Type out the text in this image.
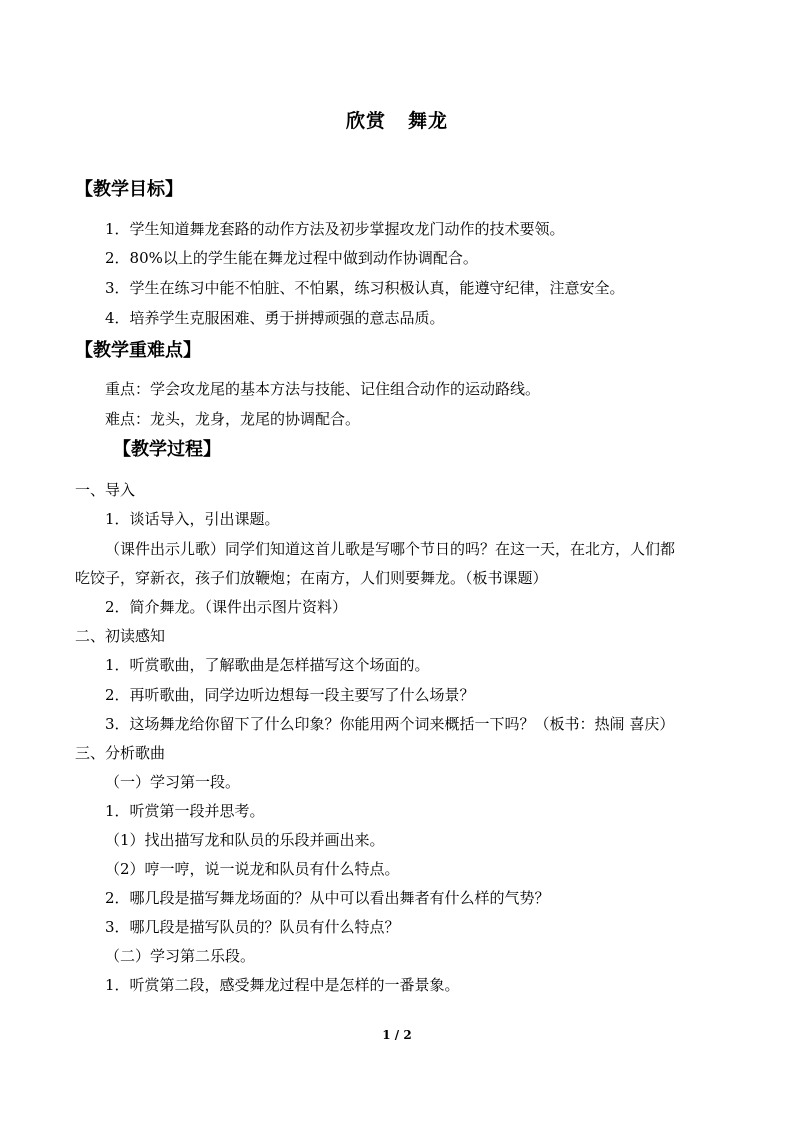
欣赏 舞龙
【教学目标】
1．学生知道舞龙套路的动作方法及初步掌握攻龙门动作的技术要领。
2．80%以上的学生能在舞龙过程中做到动作协调配合。
3．学生在练习中能不怕脏、不怕累，练习积极认真，能遵守纪律，注意安全。
4．培养学生克服困难、勇于拼搏顽强的意志品质。
【教学重难点】
重点：学会攻龙尾的基本方法与技能、记住组合动作的运动路线。
难点：龙头，龙身，龙尾的协调配合。
【教学过程】
一、导入
1．谈话导入，引出课题。
（课件出示儿歌）同学们知道这首儿歌是写哪个节日的吗？在这一天，在北方，人们都
吃饺子，穿新衣，孩子们放鞭炮；在南方，人们则要舞龙。（板书课题）
2．简介舞龙。（课件出示图片资料）
二、初读感知
1．听赏歌曲，了解歌曲是怎样描写这个场面的。
2．再听歌曲，同学边听边想每一段主要写了什么场景？
3．这场舞龙给你留下了什么印象？你能用两个词来概括一下吗？（板书：热闹 喜庆）
三、分析歌曲
（一）学习第一段。
1．听赏第一段并思考。
（1）找出描写龙和队员的乐段并画出来。
（2）哼一哼，说一说龙和队员有什么特点。
2．哪几段是描写舞龙场面的？从中可以看出舞者有什么样的气势？
3．哪几段是描写队员的？队员有什么特点？
（二）学习第二乐段。
1．听赏第二段，感受舞龙过程中是怎样的一番景象。
1 / 2
